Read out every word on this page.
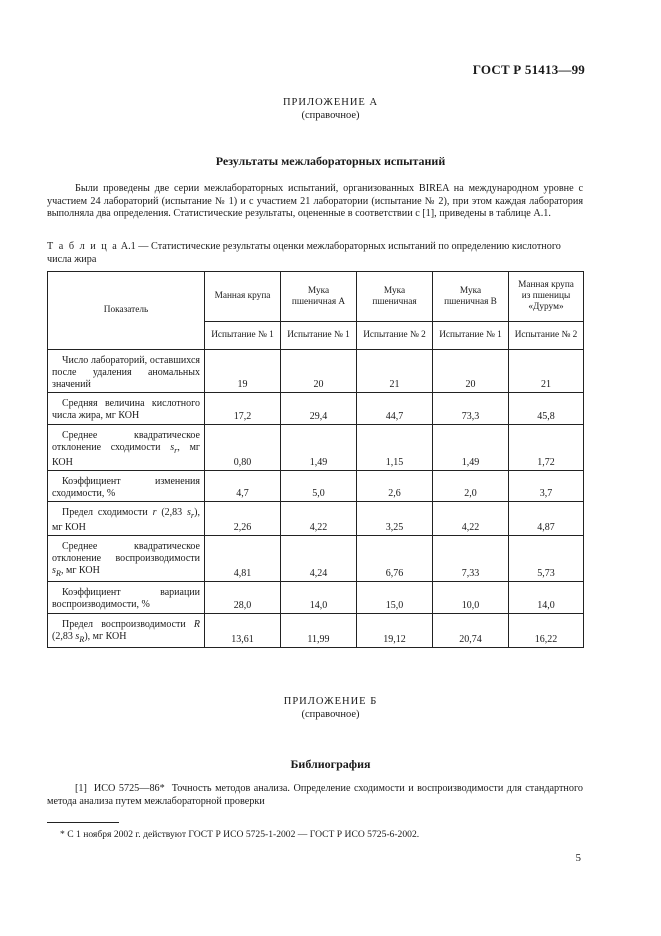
ГОСТ Р 51413—99
ПРИЛОЖЕНИЕ А
(справочное)
Результаты межлабораторных испытаний
Были проведены две серии межлабораторных испытаний, организованных BIREA на международном уровне с участием 24 лабораторий (испытание № 1) и с участием 21 лаборатории (испытание № 2), при этом каждая лаборатория выполняла два определения. Статистические результаты, оцененные в соответствии с [1], приведены в таблице А.1.
Т а б л и ц а А.1 — Статистические результаты оценки межлабораторных испытаний по определению кислотного числа жира
Показатель	Манная крупа	Мука пшеничная А	Мука пшеничная	Мука пшеничная В	Манная крупа из пшеницы «Дурум»
	Испытание № 1	Испытание № 1	Испытание № 2	Испытание № 1	Испытание № 2
Число лабораторий, оставшихся после удаления аномальных значений	19	20	21	20	21
Средняя величина кислотного числа жира, мг КОН	17,2	29,4	44,7	73,3	45,8
Среднее квадратическое отклонение сходимости $s_r$, мг КОН	0,80	1,49	1,15	1,49	1,72
Коэффициент изменения сходимости, %	4,7	5,0	2,6	2,0	3,7
Предел сходимости r (2,83 $s_r$), мг КОН	2,26	4,22	3,25	4,22	4,87
Среднее квадратическое отклонение воспроизводимости $s_R$, мг КОН	4,81	4,24	6,76	7,33	5,73
Коэффициент вариации воспроизводимости, %	28,0	14,0	15,0	10,0	14,0
Предел воспроизводимости R (2,83 $s_R$), мг КОН	13,61	11,99	19,12	20,74	16,22
ПРИЛОЖЕНИЕ Б
(справочное)
Библиография
[1] ИСО 5725—86* Точность методов анализа. Определение сходимости и воспроизводимости для стандартного метода анализа путем межлабораторной проверки
* С 1 ноября 2002 г. действуют ГОСТ Р ИСО 5725-1-2002 — ГОСТ Р ИСО 5725-6-2002.
5
